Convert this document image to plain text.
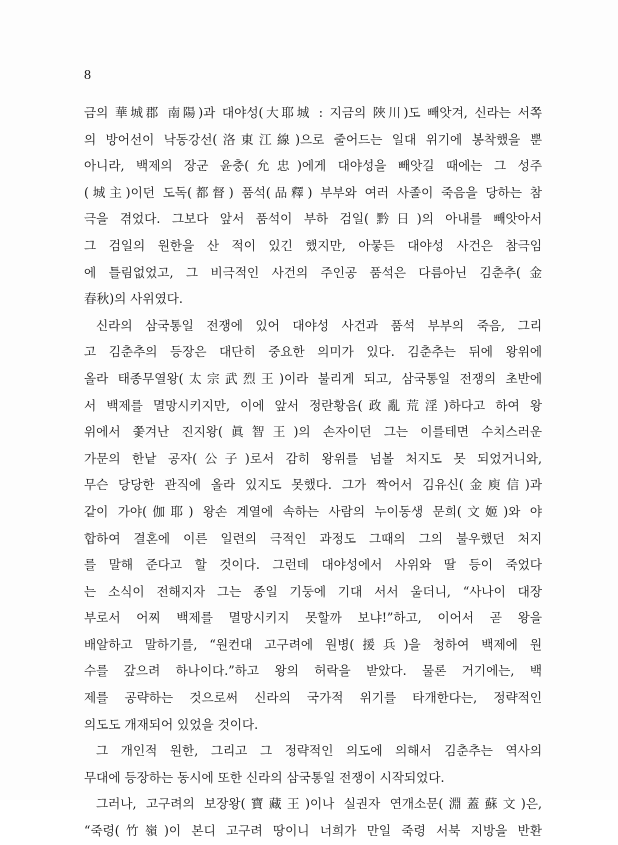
8
금의 華城郡 南陽)과 대야성(大耶城 : 지금의 陜川)도 빼앗겨, 신라는 서쪽
의 방어선이 낙동강선(洛東江線)으로 줄어드는 일대 위기에 봉착했을 뿐
아니라, 백제의 장군 윤충(允忠)에게 대야성을 빼앗길 때에는 그 성주
(城主)이던 도독(都督) 품석(品釋) 부부와 여러 사졸이 죽음을 당하는 참
극을 겪었다. 그보다 앞서 품석이 부하 검일(黔日)의 아내를 빼앗아서
그 검일의 원한을 산 적이 있긴 했지만, 아뭏든 대야성 사건은 참극임
에 틀림없었고, 그 비극적인 사건의 주인공 품석은 다름아닌 김춘추(金
春秋)의 사위였다.
신라의 삼국통일 전쟁에 있어 대야성 사건과 품석 부부의 죽음, 그리
고 김춘추의 등장은 대단히 중요한 의미가 있다. 김춘추는 뒤에 왕위에
올라 태종무열왕(太宗武烈王)이라 불리게 되고, 삼국통일 전쟁의 초반에
서 백제를 멸망시키지만, 이에 앞서 정란황음(政亂荒淫)하다고 하여 왕
위에서 쫓겨난 진지왕(眞智王)의 손자이던 그는 이를테면 수치스러운
가문의 한낱 공자(公子)로서 감히 왕위를 넘볼 처지도 못 되었거니와,
무슨 당당한 관직에 올라 있지도 못했다. 그가 짝어서 김유신(金庾信)과
같이 가야(伽耶) 왕손 계열에 속하는 사람의 누이동생 문희(文姬)와 야
합하여 결혼에 이른 일련의 극적인 과정도 그때의 그의 불우했던 처지
를 말해 준다고 할 것이다. 그런데 대야성에서 사위와 딸 등이 죽었다
는 소식이 전해지자 그는 종일 기둥에 기대 서서 울더니, “사나이 대장
부로서 어찌 백제를 멸망시키지 못할까 보냐!”하고, 이어서 곧 왕을
배알하고 말하기를, “원컨대 고구려에 원병(援兵)을 청하여 백제에 원
수를 갚으려 하나이다.”하고 왕의 허락을 받았다. 물론 거기에는, 백
제를 공략하는 것으로써 신라의 국가적 위기를 타개한다는, 정략적인
의도도 개재되어 있었을 것이다.
그 개인적 원한, 그리고 그 정략적인 의도에 의해서 김춘추는 역사의
무대에 등장하는 동시에 또한 신라의 삼국통일 전쟁이 시작되었다.
그러나, 고구려의 보장왕(寶藏王)이나 실권자 연개소문(淵蓋蘇文)은,
“죽령(竹嶺)이 본디 고구려 땅이니 너희가 만일 죽령 서북 지방을 반환
